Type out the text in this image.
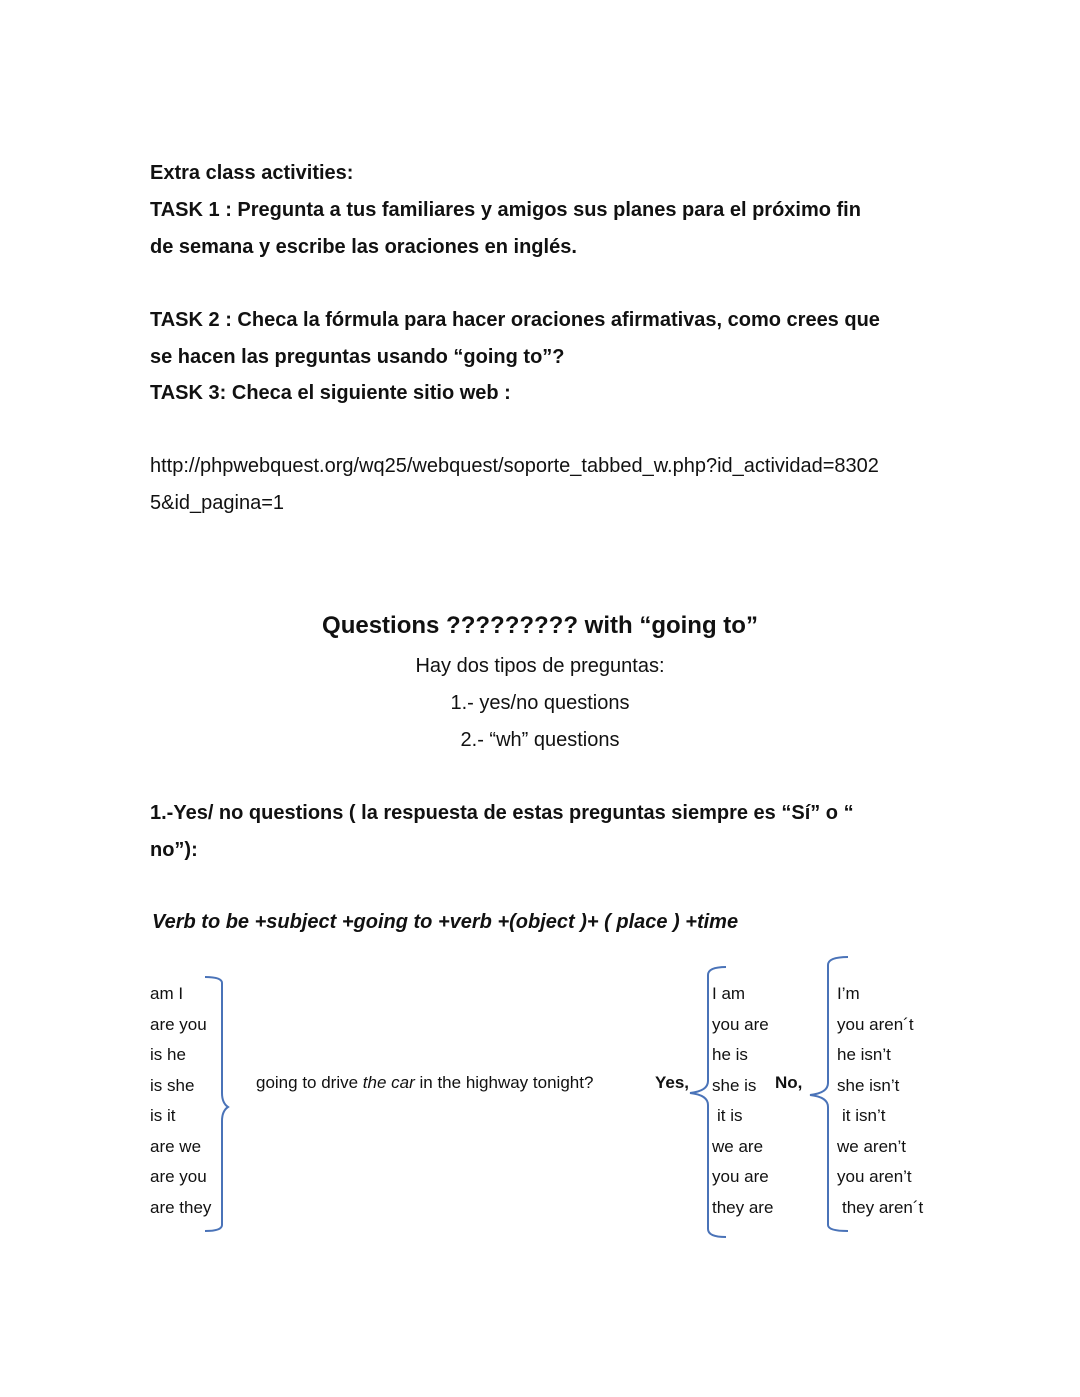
Extra class activities:

TASK 1 : Pregunta a tus familiares y amigos sus planes para el próximo fin

de semana y escribe las oraciones en inglés.

TASK 2 : Checa la fórmula para hacer oraciones afirmativas, como crees que

se hacen las preguntas usando “going to”?

TASK 3: Checa el siguiente sitio web :

http://phpwebquest.org/wq25/webquest/soporte_tabbed_w.php?id_actividad=8302

5&id_pagina=1

Questions ????????? with “going to”

Hay dos tipos de preguntas:

1.- yes/no questions

2.- “wh” questions

1.-Yes/ no questions ( la respuesta de estas preguntas siempre es “Sí” o “

no”):

Verb to be +subject +going to +verb +(object )+ ( place ) +time

am I
are you
is he
is she
is it
are we
are you
are they

going to drive the car in the highway tonight?	Yes,

I am
you are
he is
she is
it is
we are
you are
they are

No,

I’m
you aren´t
he isn’t
she isn’t
it isn’t
we aren’t
you aren’t
they aren´t
